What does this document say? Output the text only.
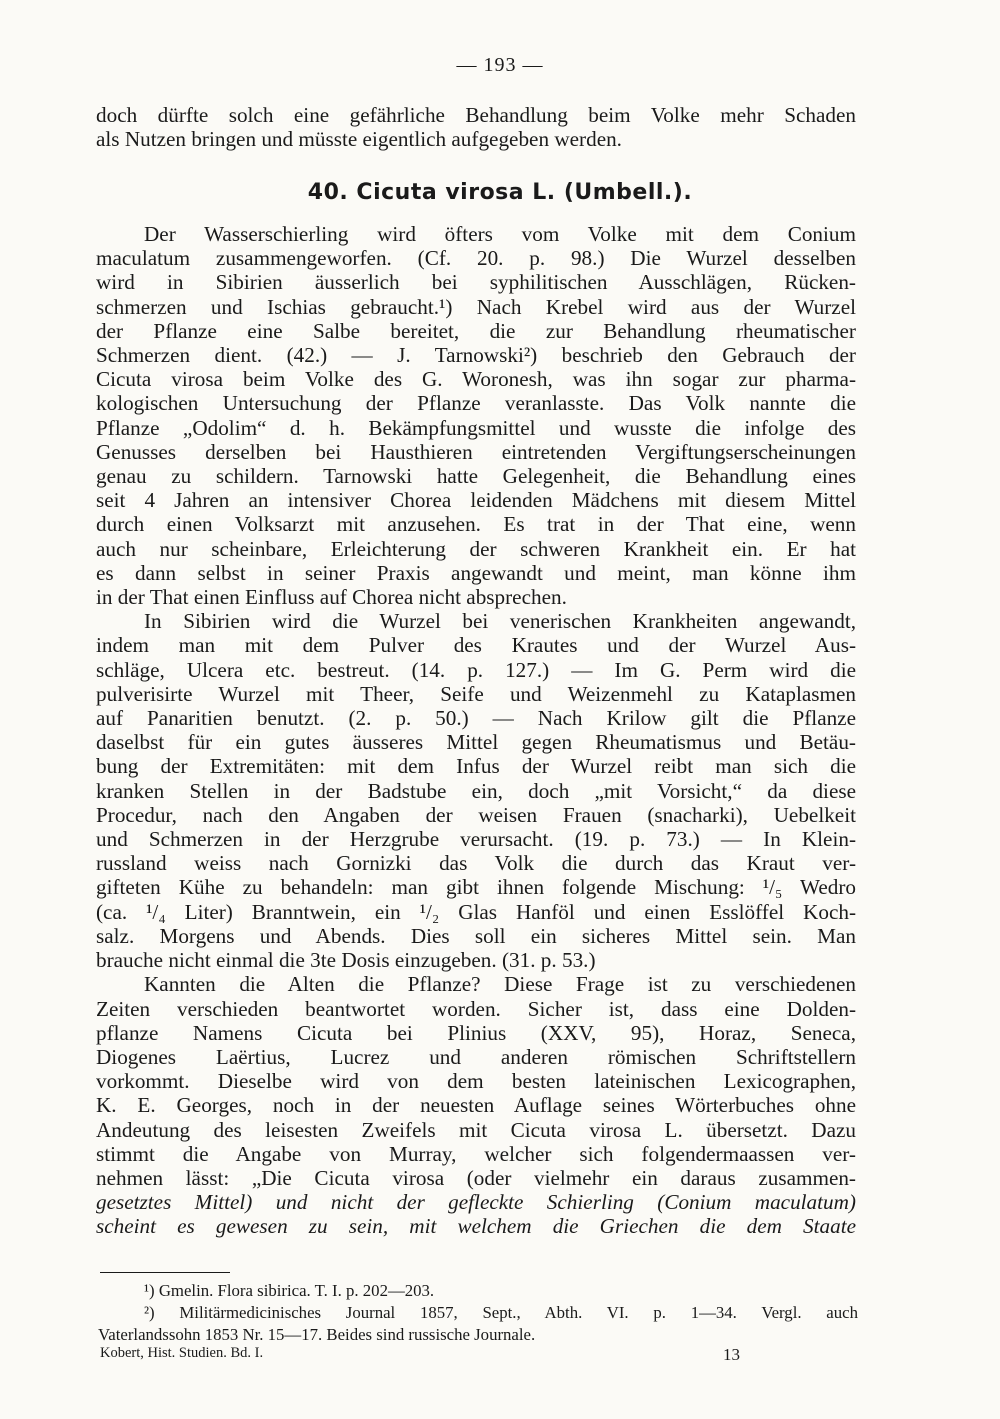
— 193 —

doch dürfte solch eine gefährliche Behandlung beim Volke mehr Schaden

als Nutzen bringen und müsste eigentlich aufgegeben werden.

40. Cicuta virosa L. (Umbell.).

Der Wasserschierling wird öfters vom Volke mit dem Conium

maculatum zusammengeworfen. (Cf. 20. p. 98.) Die Wurzel desselben

wird in Sibirien äusserlich bei syphilitischen Ausschlägen, Rücken-

schmerzen und Ischias gebraucht.¹) Nach Krebel wird aus der Wurzel

der Pflanze eine Salbe bereitet, die zur Behandlung rheumatischer

Schmerzen dient. (42.) — J. Tarnowski²) beschrieb den Gebrauch der

Cicuta virosa beim Volke des G. Woronesh, was ihn sogar zur pharma-

kologischen Untersuchung der Pflanze veranlasste. Das Volk nannte die

Pflanze „Odolim“ d. h. Bekämpfungsmittel und wusste die infolge des

Genusses derselben bei Hausthieren eintretenden Vergiftungserscheinungen

genau zu schildern. Tarnowski hatte Gelegenheit, die Behandlung eines

seit 4 Jahren an intensiver Chorea leidenden Mädchens mit diesem Mittel

durch einen Volksarzt mit anzusehen. Es trat in der That eine, wenn

auch nur scheinbare, Erleichterung der schweren Krankheit ein. Er hat

es dann selbst in seiner Praxis angewandt und meint, man könne ihm

in der That einen Einfluss auf Chorea nicht absprechen.

In Sibirien wird die Wurzel bei venerischen Krankheiten angewandt,

indem man mit dem Pulver des Krautes und der Wurzel Aus-

schläge, Ulcera etc. bestreut. (14. p. 127.) — Im G. Perm wird die

pulverisirte Wurzel mit Theer, Seife und Weizenmehl zu Kataplasmen

auf Panaritien benutzt. (2. p. 50.) — Nach Krilow gilt die Pflanze

daselbst für ein gutes äusseres Mittel gegen Rheumatismus und Betäu-

bung der Extremitäten: mit dem Infus der Wurzel reibt man sich die

kranken Stellen in der Badstube ein, doch „mit Vorsicht,“ da diese

Procedur, nach den Angaben der weisen Frauen (snacharki), Uebelkeit

und Schmerzen in der Herzgrube verursacht. (19. p. 73.) — In Klein-

russland weiss nach Gornizki das Volk die durch das Kraut ver-

gifteten Kühe zu behandeln: man gibt ihnen folgende Mischung: ¹/₅ Wedro

(ca. ¹/₄ Liter) Branntwein, ein ¹/₂ Glas Hanföl und einen Esslöffel Koch-

salz. Morgens und Abends. Dies soll ein sicheres Mittel sein. Man

brauche nicht einmal die 3te Dosis einzugeben. (31. p. 53.)

Kannten die Alten die Pflanze? Diese Frage ist zu verschiedenen

Zeiten verschieden beantwortet worden. Sicher ist, dass eine Dolden-

pflanze Namens Cicuta bei Plinius (XXV, 95), Horaz, Seneca,

Diogenes Laërtius, Lucrez und anderen römischen Schriftstellern

vorkommt. Dieselbe wird von dem besten lateinischen Lexicographen,

K. E. Georges, noch in der neuesten Auflage seines Wörterbuches ohne

Andeutung des leisesten Zweifels mit Cicuta virosa L. übersetzt. Dazu

stimmt die Angabe von Murray, welcher sich folgendermaassen ver-

nehmen lässt: „Die Cicuta virosa (oder vielmehr ein daraus zusammen-

gesetztes Mittel) und nicht der gefleckte Schierling (Conium maculatum)

scheint es gewesen zu sein, mit welchem die Griechen die dem Staate

¹) Gmelin. Flora sibirica. T. I. p. 202—203.

²) Militärmedicinisches Journal 1857, Sept., Abth. VI. p. 1—34. Vergl. auch

Vaterlandssohn 1853 Nr. 15—17. Beides sind russische Journale.

Kobert, Hist. Studien. Bd. I.	13
